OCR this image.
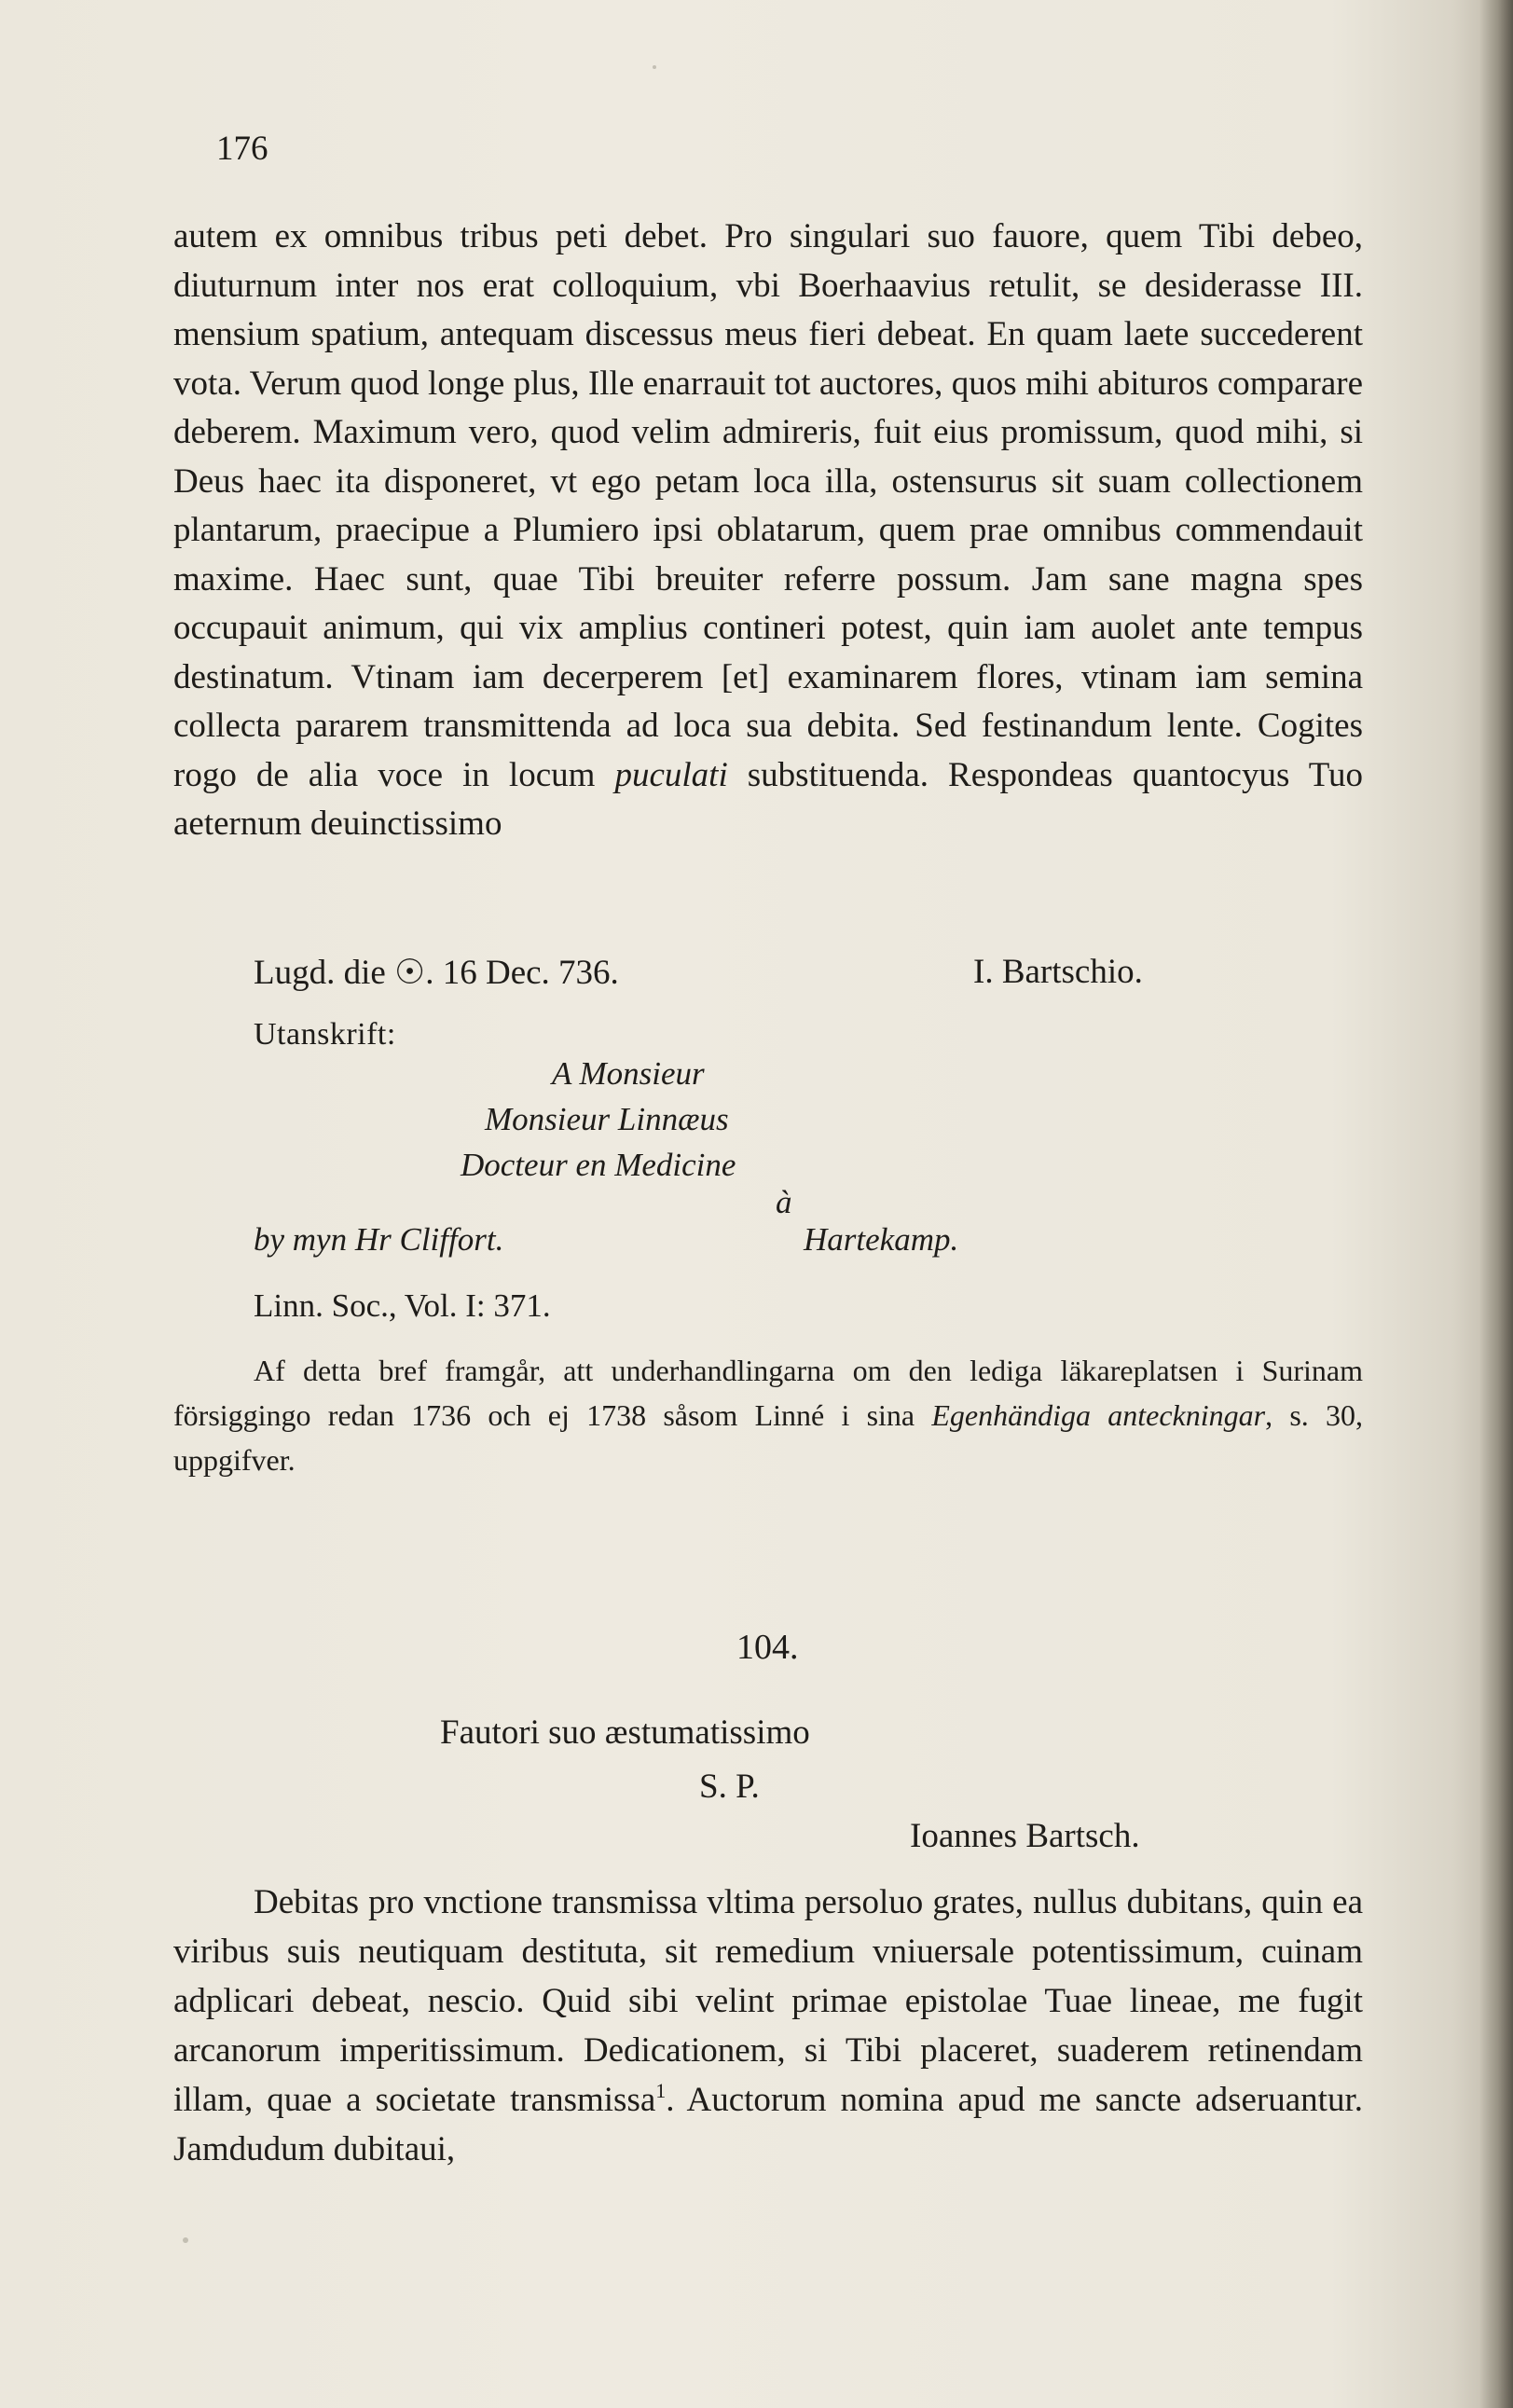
176

autem ex omnibus tribus peti debet. Pro singulari suo fauore, quem Tibi debeo, diuturnum inter nos erat colloquium, vbi Boerhaavius retulit, se desiderasse III. mensium spatium, antequam discessus meus fieri debeat. En quam laete succederent vota. Verum quod longe plus, Ille enarrauit tot auctores, quos mihi abituros comparare deberem. Maximum vero, quod velim admireris, fuit eius promissum, quod mihi, si Deus haec ita disponeret, vt ego petam loca illa, ostensurus sit suam collectionem plantarum, praecipue a Plumiero ipsi oblatarum, quem prae omnibus commendauit maxime. Haec sunt, quae Tibi breuiter referre possum. Jam sane magna spes occupauit animum, qui vix amplius contineri potest, quin iam auolet ante tempus destinatum. Vtinam iam decerperem [et] examinarem flores, vtinam iam semina collecta pararem transmittenda ad loca sua debita. Sed festinandum lente. Cogites rogo de alia voce in locum puculati substituenda. Respondeas quantocyus Tuo aeternum deuinctissimo

Lugd. die ☉. 16 Dec. 736.	I. Bartschio.
Utanskrift:
A Monsieur
Monsieur Linnæus
Docteur en Medicine
à
by myn Hr Cliffort.	Hartekamp.
Linn. Soc., Vol. I: 371.
Af detta bref framgår, att underhandlingarna om den lediga läkareplatsen i Surinam försiggingo redan 1736 och ej 1738 såsom Linné i sina Egenhändiga anteckningar, s. 30, uppgifver.
104.
Fautori suo æstumatissimo
S. P.
Ioannes Bartsch.

Debitas pro vnctione transmissa vltima persoluo grates, nullus dubitans, quin ea viribus suis neutiquam destituta, sit remedium vniuersale potentissimum, cuinam adplicari debeat, nescio. Quid sibi velint primae epistolae Tuae lineae, me fugit arcanorum imperitissimum. Dedicationem, si Tibi placeret, suaderem retinendam illam, quae a societate transmissa$^1$. Auctorum nomina apud me sancte adseruantur. Jamdudum dubitaui,
